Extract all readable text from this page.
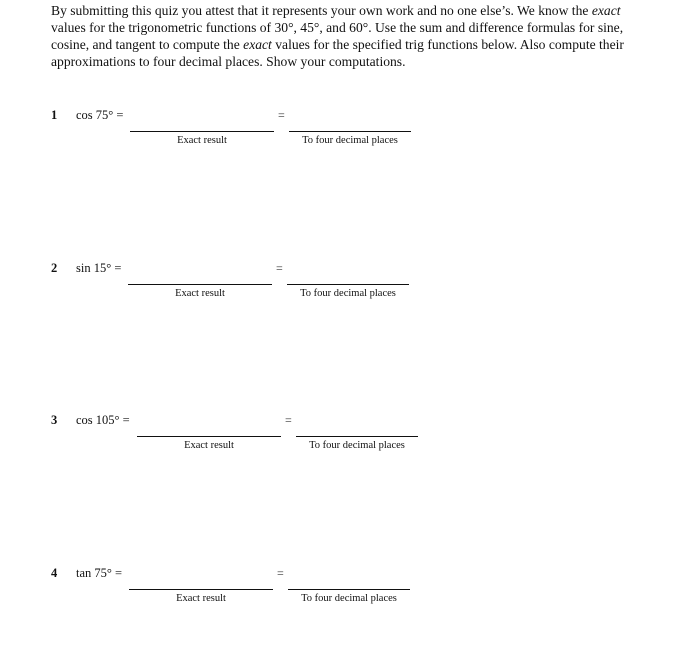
By submitting this quiz you attest that it represents your own work and no one else’s. We know the exact values for the trigonometric functions of 30°, 45°, and 60°. Use the sum and difference formulas for sine, cosine, and tangent to compute the exact values for the specified trig functions below. Also compute their approximations to four decimal places. Show your computations.
1 cos 75° =	=
Exact result	To four decimal places
2 sin 15° =	=
Exact result	To four decimal places
3 cos 105° =	=
Exact result	To four decimal places
4 tan 75° =	=
Exact result	To four decimal places
